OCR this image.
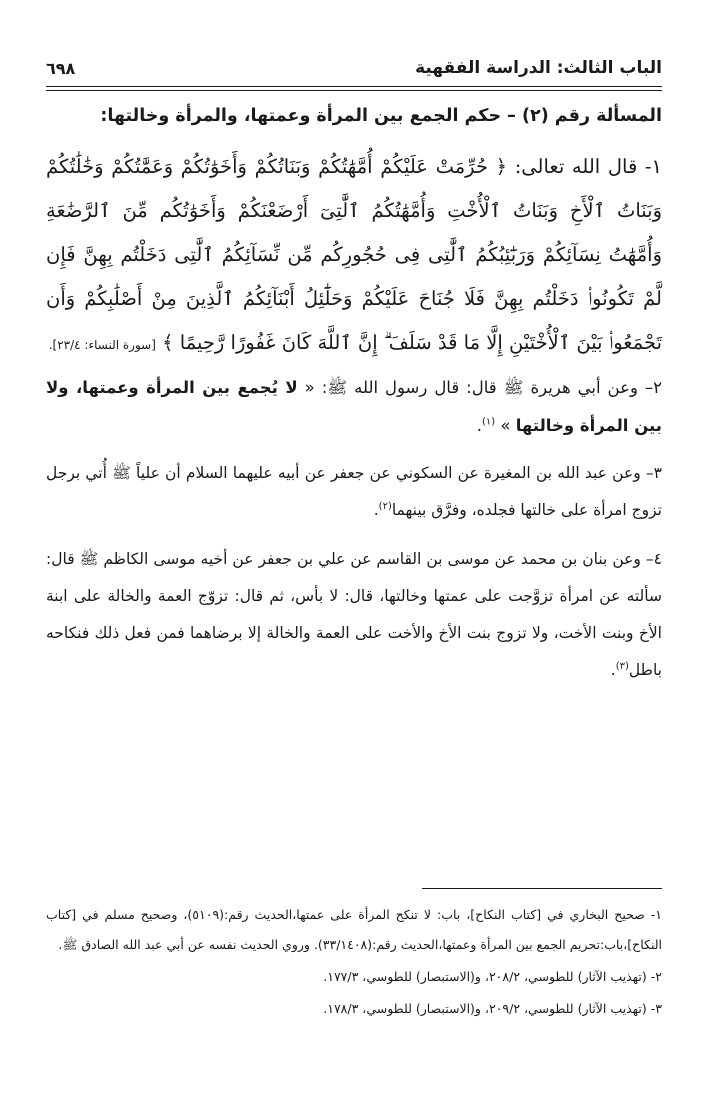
الباب الثالث: الدراسة الفقهية
٦٩٨

المسألة رقم (٢) – حكم الجمع بين المرأة وعمتها، والمرأة وخالتها:

١- قال الله تعالى: ﴿ حُرِّمَتْ عَلَيْكُمْ أُمَّهَٰتُكُمْ وَبَنَاتُكُمْ وَأَخَوَٰتُكُمْ وَعَمَّٰتُكُمْ وَخَٰلَٰتُكُمْ وَبَنَاتُ ٱلْأَخِ وَبَنَاتُ ٱلْأُخْتِ وَأُمَّهَٰتُكُمُ ٱلَّٰتِىٓ أَرْضَعْنَكُمْ وَأَخَوَٰتُكُم مِّنَ ٱلرَّضَٰعَةِ وَأُمَّهَٰتُ نِسَآئِكُمْ وَرَبَٰٓئِبُكُمُ ٱلَّٰتِى فِى حُجُورِكُم مِّن نِّسَآئِكُمُ ٱلَّٰتِى دَخَلْتُم بِهِنَّ فَإِن لَّمْ تَكُونُوا۟ دَخَلْتُم بِهِنَّ فَلَا جُنَاحَ عَلَيْكُمْ وَحَلَٰٓئِلُ أَبْنَآئِكُمُ ٱلَّذِينَ مِنْ أَصْلَٰبِكُمْ وَأَن تَجْمَعُوا۟ بَيْنَ ٱلْأُخْتَيْنِ إِلَّا مَا قَدْ سَلَفَ ۗ إِنَّ ٱللَّهَ كَانَ غَفُورًا رَّحِيمًا ﴾ [سورة النساء: ٢٣/٤].

٢– وعن أبي هريرة ﷺ قال: قال رسول الله ﷺ: « لا يُجمع بين المرأة وعمتها، ولا بين المرأة وخالتها » $^{(١)}$.

٣– وعن عبد الله بن المغيرة عن السكوني عن جعفر عن أبيه عليهما السلام أن علياً ﷺ أُتي برجل تزوج امرأة على خالتها فجلده، وفرَّق بينهما$^{(٢)}$.

٤– وعن بنان بن محمد عن موسى بن القاسم عن علي بن جعفر عن أخيه موسى الكاظم ﷺ قال: سألته عن امرأة تزوَّجت على عمتها وخالتها، قال: لا بأس، ثم قال: تزوّج العمة والخالة على ابنة الأخ وبنت الأخت، ولا تزوج بنت الأخ والأخت على العمة والخالة إلا برضاهما فمن فعل ذلك فنكاحه باطل$^{(٣)}$.

١- صحيح البخاري في [كتاب النكاح]، باب: لا تنكح المرأة على عمتها،الحديث رقم:(٥١٠٩)، وصحيح مسلم في [كتاب النكاح]،باب:تحريم الجمع بين المرأة وعمتها،الحديث رقم:(٣٣/١٤٠٨). وروي الحديث نفسه عن أبي عبد الله الصادق ﷺ.

٢- (تهذيب الآثار) للطوسي، ٢٠٨/٢، و(الاستبصار) للطوسي، ١٧٧/٣.

٣- (تهذيب الآثار) للطوسي، ٢٠٩/٢، و(الاستبصار) للطوسي، ١٧٨/٣.
